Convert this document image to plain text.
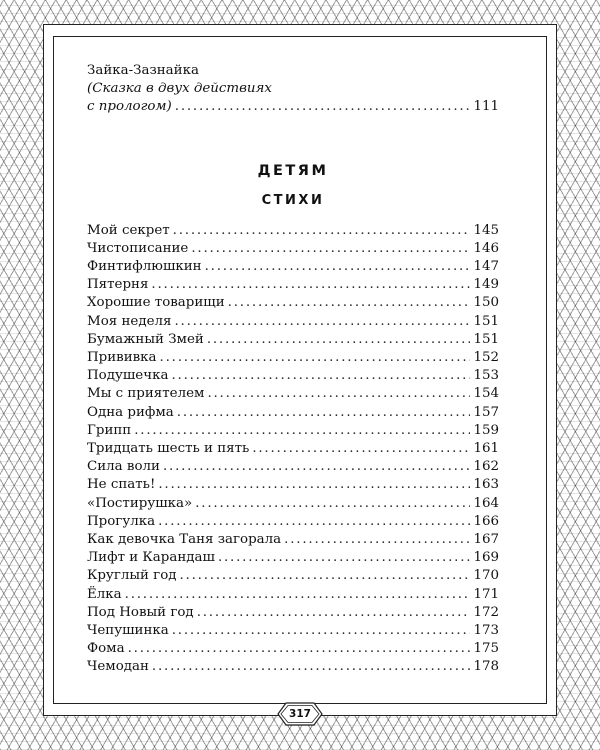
Зайка-Зазнайка
(Сказка в двух действиях
с прологом) .....	111
ДЕТЯМ
СТИХИ
Мой секрет .....	145
Чистописание .....	146
Финтифлюшкин .....	147
Пятерня .....	149
Хорошие товарищи .....	150
Моя неделя .....	151
Бумажный Змей .....	151
Прививка .....	152
Подушечка .....	153
Мы с приятелем .....	154
Одна рифма .....	157
Грипп .....	159
Тридцать шесть и пять .....	161
Сила воли .....	162
Не спать! .....	163
«Постирушка» .....	164
Прогулка .....	166
Как девочка Таня загорала .....	167
Лифт и Карандаш .....	169
Круглый год .....	170
Ёлка .....	171
Под Новый год .....	172
Чепушинка .....	173
Фома .....	175
Чемодан .....	178
317
